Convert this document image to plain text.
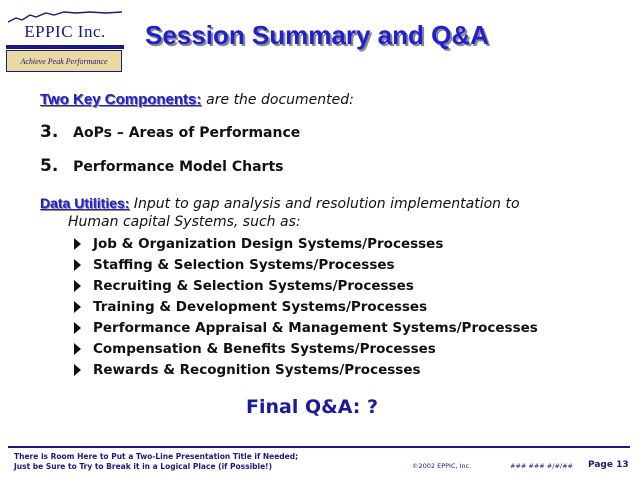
EPPIC Inc.
Achieve Peak Performance
Session Summary and Q&A
Two Key Components: are the documented:
3. AoPs – Areas of Performance
5. Performance Model Charts
Data Utilities: Input to gap analysis and resolution implementation to
Human capital Systems, such as:
Job & Organization Design Systems/Processes
Staffing & Selection Systems/Processes
Recruiting & Selection Systems/Processes
Training & Development Systems/Processes
Performance Appraisal & Management Systems/Processes
Compensation & Benefits Systems/Processes
Rewards & Recognition Systems/Processes
Final Q&A: ?
There is Room Here to Put a Two-Line Presentation Title if Needed;
Just be Sure to Try to Break it in a Logical Place (if Possible!)	©2002 EPPIC, Inc.	### ### #/#/## Page 13
